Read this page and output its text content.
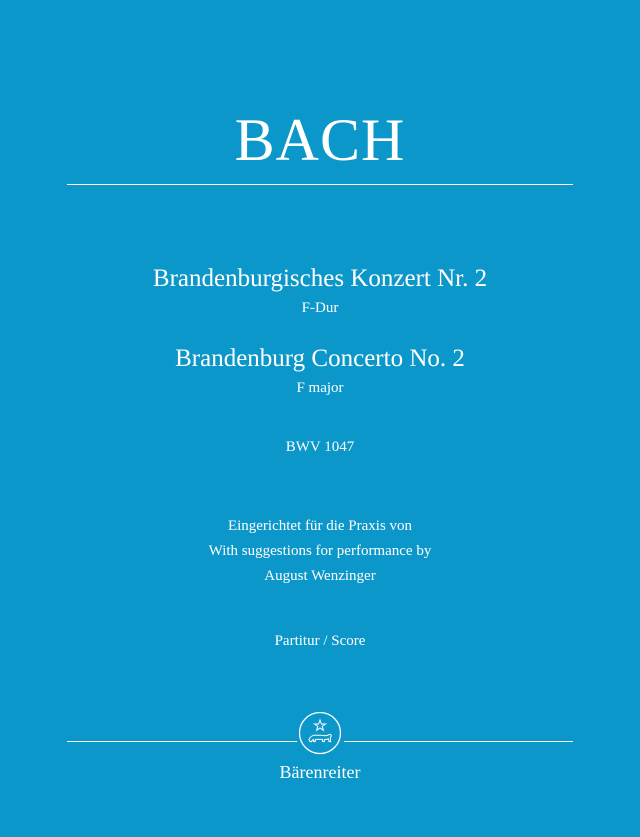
BACH
Brandenburgisches Konzert Nr. 2
F-Dur
Brandenburg Concerto No. 2
F major
BWV 1047
Eingerichtet für die Praxis von
With suggestions for performance by
August Wenzinger
Partitur / Score
Bärenreiter
